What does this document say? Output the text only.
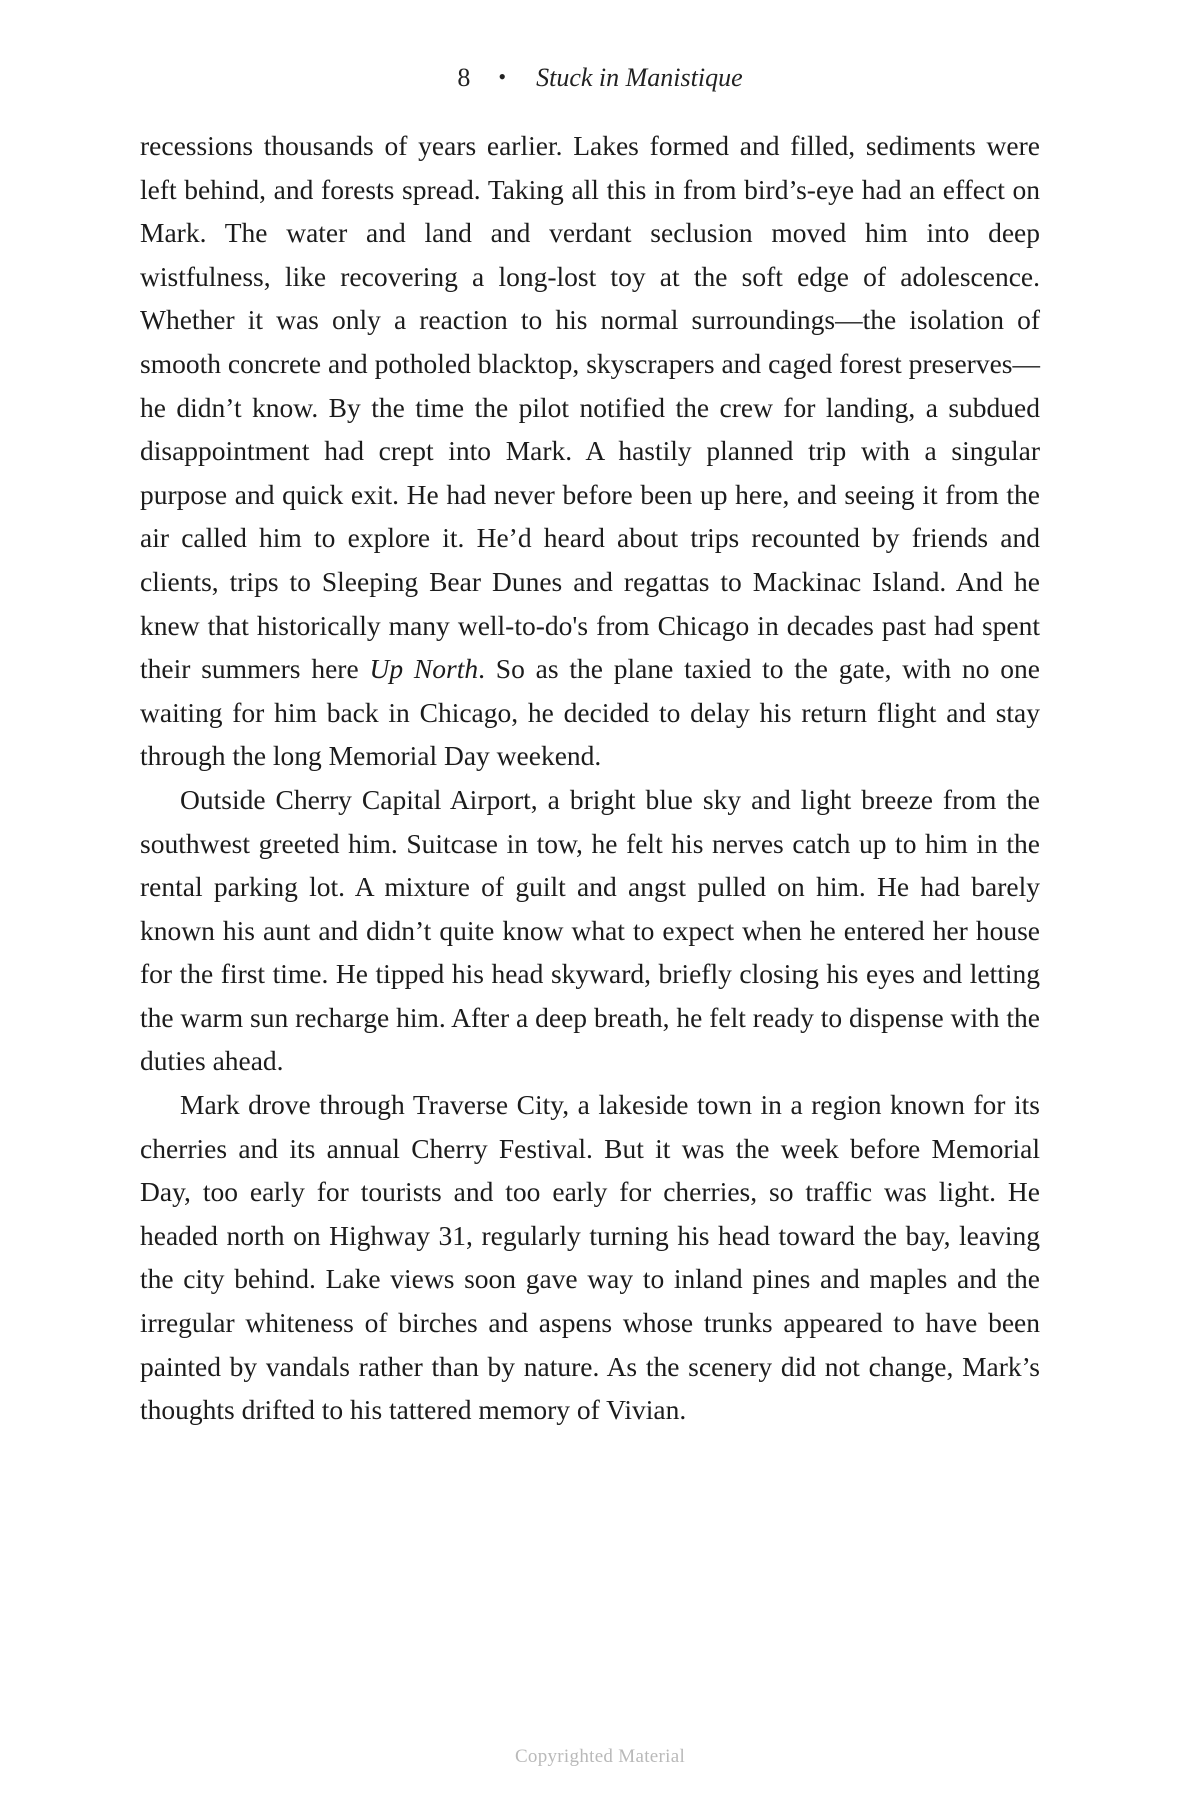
8 • Stuck in Manistique

recessions thousands of years earlier. Lakes formed and filled, sediments were left behind, and forests spread. Taking all this in from bird’s-eye had an effect on Mark. The water and land and verdant seclusion moved him into deep wistfulness, like recovering a long-lost toy at the soft edge of adolescence. Whether it was only a reaction to his normal surroundings—the isolation of smooth concrete and potholed blacktop, skyscrapers and caged forest preserves—he didn’t know. By the time the pilot notified the crew for landing, a subdued disappointment had crept into Mark. A hastily planned trip with a singular purpose and quick exit. He had never before been up here, and seeing it from the air called him to explore it. He’d heard about trips recounted by friends and clients, trips to Sleeping Bear Dunes and regattas to Mackinac Island. And he knew that historically many well-to-do's from Chicago in decades past had spent their summers here Up North. So as the plane taxied to the gate, with no one waiting for him back in Chicago, he decided to delay his return flight and stay through the long Memorial Day weekend.

Outside Cherry Capital Airport, a bright blue sky and light breeze from the southwest greeted him. Suitcase in tow, he felt his nerves catch up to him in the rental parking lot. A mixture of guilt and angst pulled on him. He had barely known his aunt and didn’t quite know what to expect when he entered her house for the first time. He tipped his head skyward, briefly closing his eyes and letting the warm sun recharge him. After a deep breath, he felt ready to dispense with the duties ahead.

Mark drove through Traverse City, a lakeside town in a region known for its cherries and its annual Cherry Festival. But it was the week before Memorial Day, too early for tourists and too early for cherries, so traffic was light. He headed north on Highway 31, regularly turning his head toward the bay, leaving the city behind. Lake views soon gave way to inland pines and maples and the irregular whiteness of birches and aspens whose trunks appeared to have been painted by vandals rather than by nature. As the scenery did not change, Mark’s thoughts drifted to his tattered memory of Vivian.

Copyrighted Material
